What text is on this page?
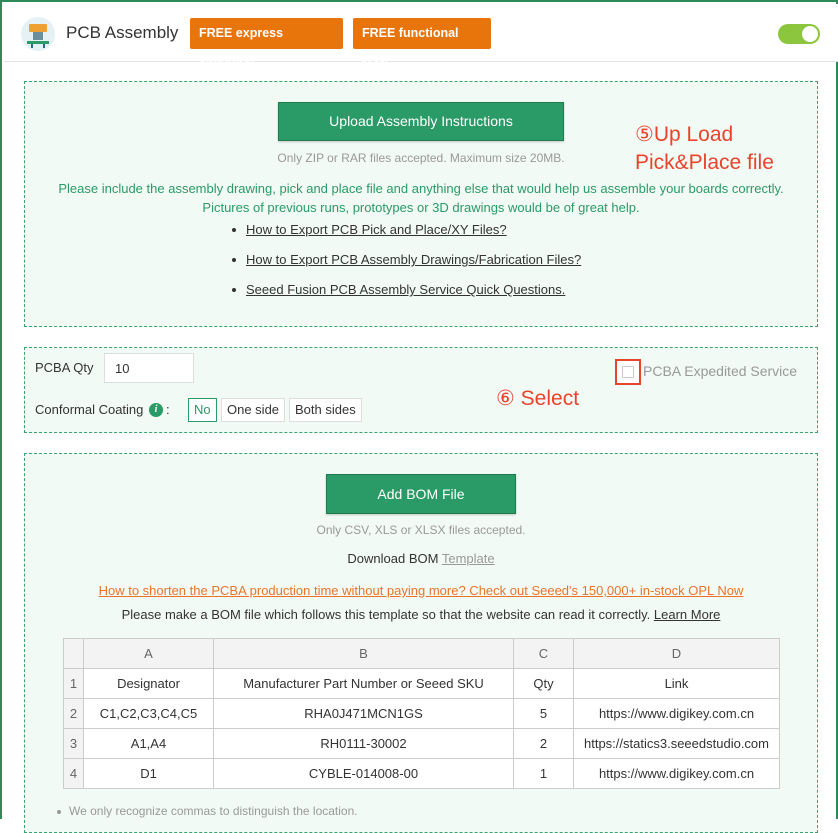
PCB Assembly	FREE express shipping!
FREE functional test!
Upload Assembly Instructions
Only ZIP or RAR files accepted. Maximum size 20MB.
Please include the assembly drawing, pick and place file and anything else that would help us assemble your boards correctly. Pictures of previous runs, prototypes or 3D drawings would be of great help.
How to Export PCB Pick and Place/XY Files?
How to Export PCB Assembly Drawings/Fabrication Files?
Seeed Fusion PCB Assembly Service Quick Questions.
⑤Up Load
Pick&Place file
PCBA Qty
10	PCBA Expedited Service
Conformal Coating	i :	No	One side	Both sides	⑥ Select
Add BOM File
Only CSV, XLS or XLSX files accepted.
Download BOM Template
How to shorten the PCBA production time without paying more? Check out Seeed's 150,000+ in-stock OPL Now
Please make a BOM file which follows this template so that the website can read it correctly. Learn More
	A	B	C	D
1	Designator	Manufacturer Part Number or Seeed SKU	Qty	Link
2	C1,C2,C3,C4,C5	RHA0J471MCN1GS	5	https://www.digikey.com.cn
3	A1,A4	RH0111-30002	2	https://statics3.seeedstudio.com
4	D1	CYBLE-014008-00	1	https://www.digikey.com.cn
We only recognize commas to distinguish the location.
